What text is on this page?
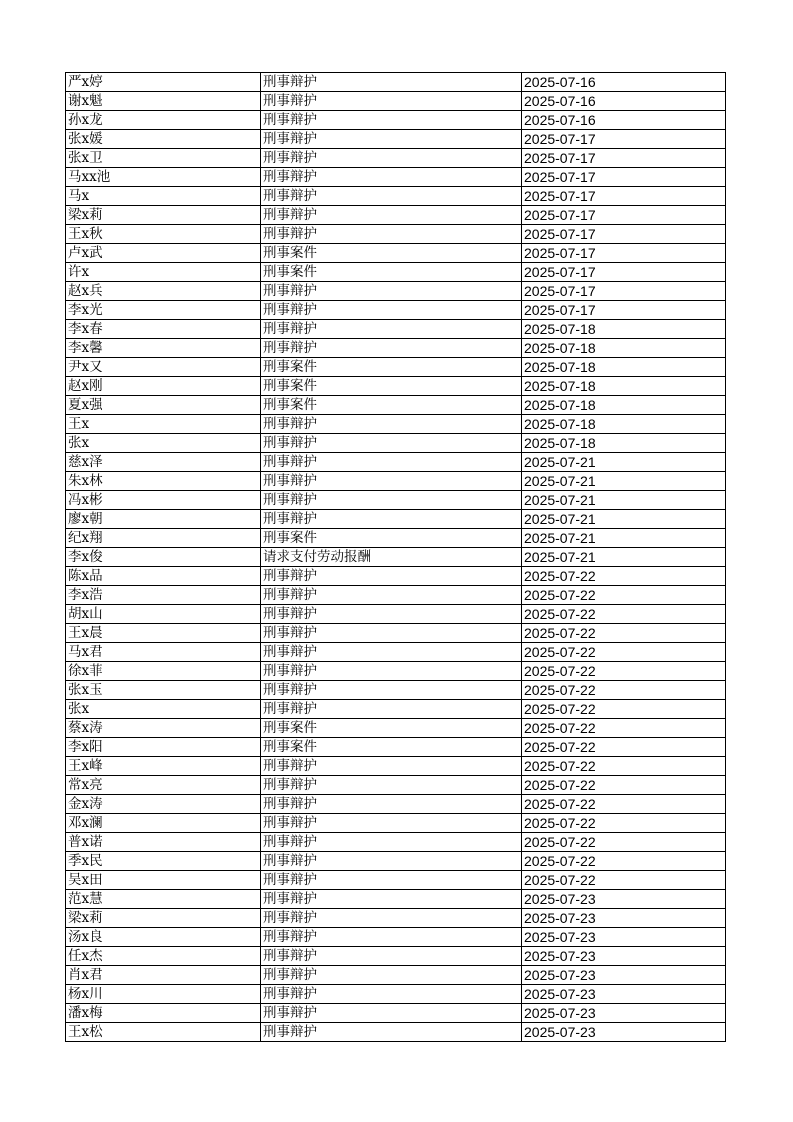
严x婷	刑事辩护	2025-07-16
谢x魁	刑事辩护	2025-07-16
孙x龙	刑事辩护	2025-07-16
张x媛	刑事辩护	2025-07-17
张x卫	刑事辩护	2025-07-17
马xx池	刑事辩护	2025-07-17
马x	刑事辩护	2025-07-17
梁x莉	刑事辩护	2025-07-17
王x秋	刑事辩护	2025-07-17
卢x武	刑事案件	2025-07-17
许x	刑事案件	2025-07-17
赵x兵	刑事辩护	2025-07-17
李x光	刑事辩护	2025-07-17
李x春	刑事辩护	2025-07-18
李x馨	刑事辩护	2025-07-18
尹x又	刑事案件	2025-07-18
赵x刚	刑事案件	2025-07-18
夏x强	刑事案件	2025-07-18
王x	刑事辩护	2025-07-18
张x	刑事辩护	2025-07-18
慈x泽	刑事辩护	2025-07-21
朱x林	刑事辩护	2025-07-21
冯x彬	刑事辩护	2025-07-21
廖x朝	刑事辩护	2025-07-21
纪x翔	刑事案件	2025-07-21
李x俊	请求支付劳动报酬	2025-07-21
陈x品	刑事辩护	2025-07-22
李x浩	刑事辩护	2025-07-22
胡x山	刑事辩护	2025-07-22
王x晨	刑事辩护	2025-07-22
马x君	刑事辩护	2025-07-22
徐x菲	刑事辩护	2025-07-22
张x玉	刑事辩护	2025-07-22
张x	刑事辩护	2025-07-22
蔡x涛	刑事案件	2025-07-22
李x阳	刑事案件	2025-07-22
王x峰	刑事辩护	2025-07-22
常x亮	刑事辩护	2025-07-22
金x涛	刑事辩护	2025-07-22
邓x澜	刑事辩护	2025-07-22
普x诺	刑事辩护	2025-07-22
季x民	刑事辩护	2025-07-22
吴x田	刑事辩护	2025-07-22
范x慧	刑事辩护	2025-07-23
梁x莉	刑事辩护	2025-07-23
汤x良	刑事辩护	2025-07-23
任x杰	刑事辩护	2025-07-23
肖x君	刑事辩护	2025-07-23
杨x川	刑事辩护	2025-07-23
潘x梅	刑事辩护	2025-07-23
王x松	刑事辩护	2025-07-23
